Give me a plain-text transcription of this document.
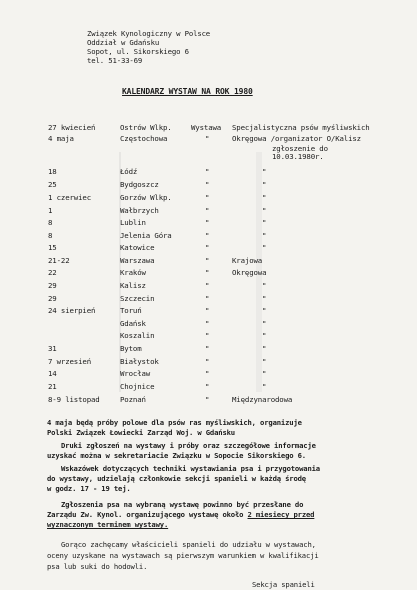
Związek Kynologiczny w Polsce
Oddział w Gdańsku
Sopot, ul. Sikorskiego 6
tel. 51-33-69
KALENDARZ WYSTAW NA ROK 1980
27 kwiecień	Ostrów Wlkp.	Wystawa Specjalistyczna psów myśliwskich
4 maja	Częstochowa	"	Okręgowa /organizator O/Kalisz
zgłoszenie do
10.03.1980r.
18	Łódź	"	"
25	Bydgoszcz	"	"
1 czerwiec	Gorzów Wlkp.	"	"
1	Wałbrzych	"	"
8	Lublin	"	"
8	Jelenia Góra	"	"
15	Katowice	"	"
21-22	Warszawa	"	Krajowa
22	Kraków	"	Okręgowa
29	Kalisz	"	"
29	Szczecin	"	"
24 sierpień	Toruń	"	"
Gdańsk	"	"
Koszalin	"	"
31	Bytom	"	"
7 wrzesień	Białystok	"	"
14	Wrocław	"	"
21	Chojnice	"	"
8-9 listopad	Poznań	"	Międzynarodowa
4 maja będą próby polowe dla psów ras myśliwskich, organizuje
Polski Związek Łowiecki Zarząd Woj. w Gdańsku
Druki zgłoszeń na wystawy i próby oraz szczegółowe informacje
uzyskać można w sekretariacie Związku w Sopocie Sikorskiego 6.
Wskazówek dotyczących techniki wystawiania psa i przygotowania
do wystawy, udzielają członkowie sekcji spanieli w każdą środę
w godz. 17 - 19 tej.
Zgłoszenia psa na wybraną wystawę powinno być przesłane do
Zarządu Zw. Kynol. organizującego wystawę około 2 miesiecy przed
wyznaczonym terminem wystawy.
Gorąco zachęcamy właścicieli spanieli do udziału w wystawach,
oceny uzyskane na wystawach są pierwszym warunkiem w kwalifikacji
psa lub suki do hodowli.
Sekcja spanieli
